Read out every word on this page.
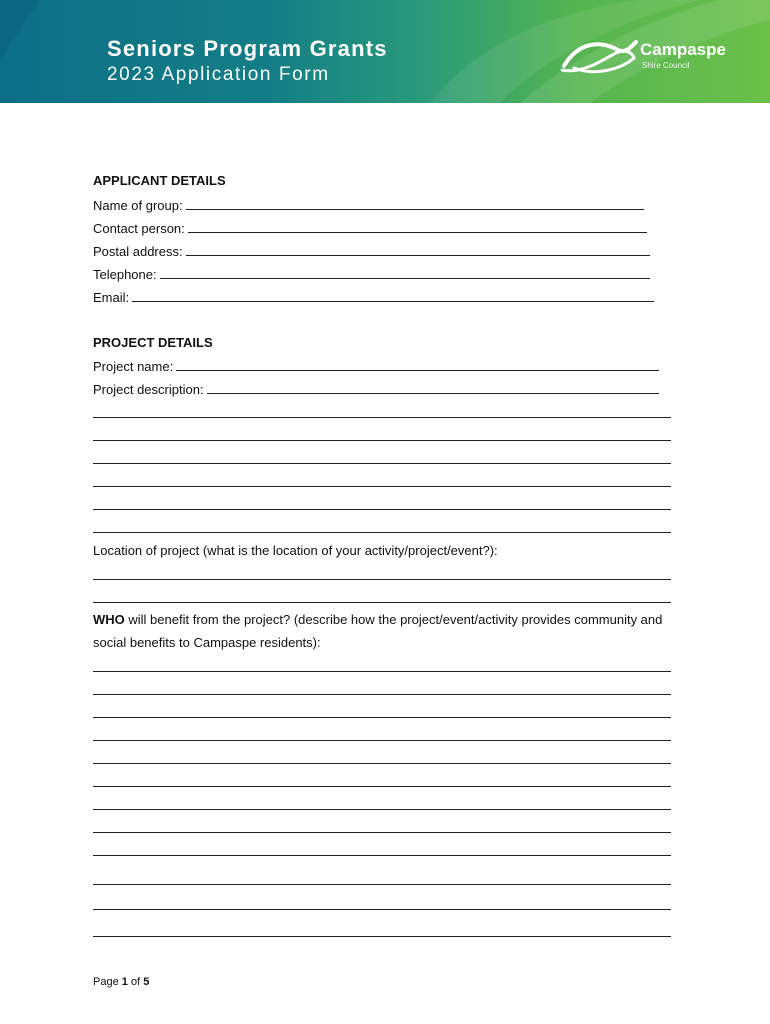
Seniors Program Grants
2023 Application Form
Campaspe
Shire Council
APPLICANT DETAILS
Name of group:
Contact person:
Postal address:
Telephone:
Email:
PROJECT DETAILS
Project name:
Project description:
Location of project (what is the location of your activity/project/event?):
WHO will benefit from the project? (describe how the project/event/activity provides community and social benefits to Campaspe residents):
Page 1 of 5
